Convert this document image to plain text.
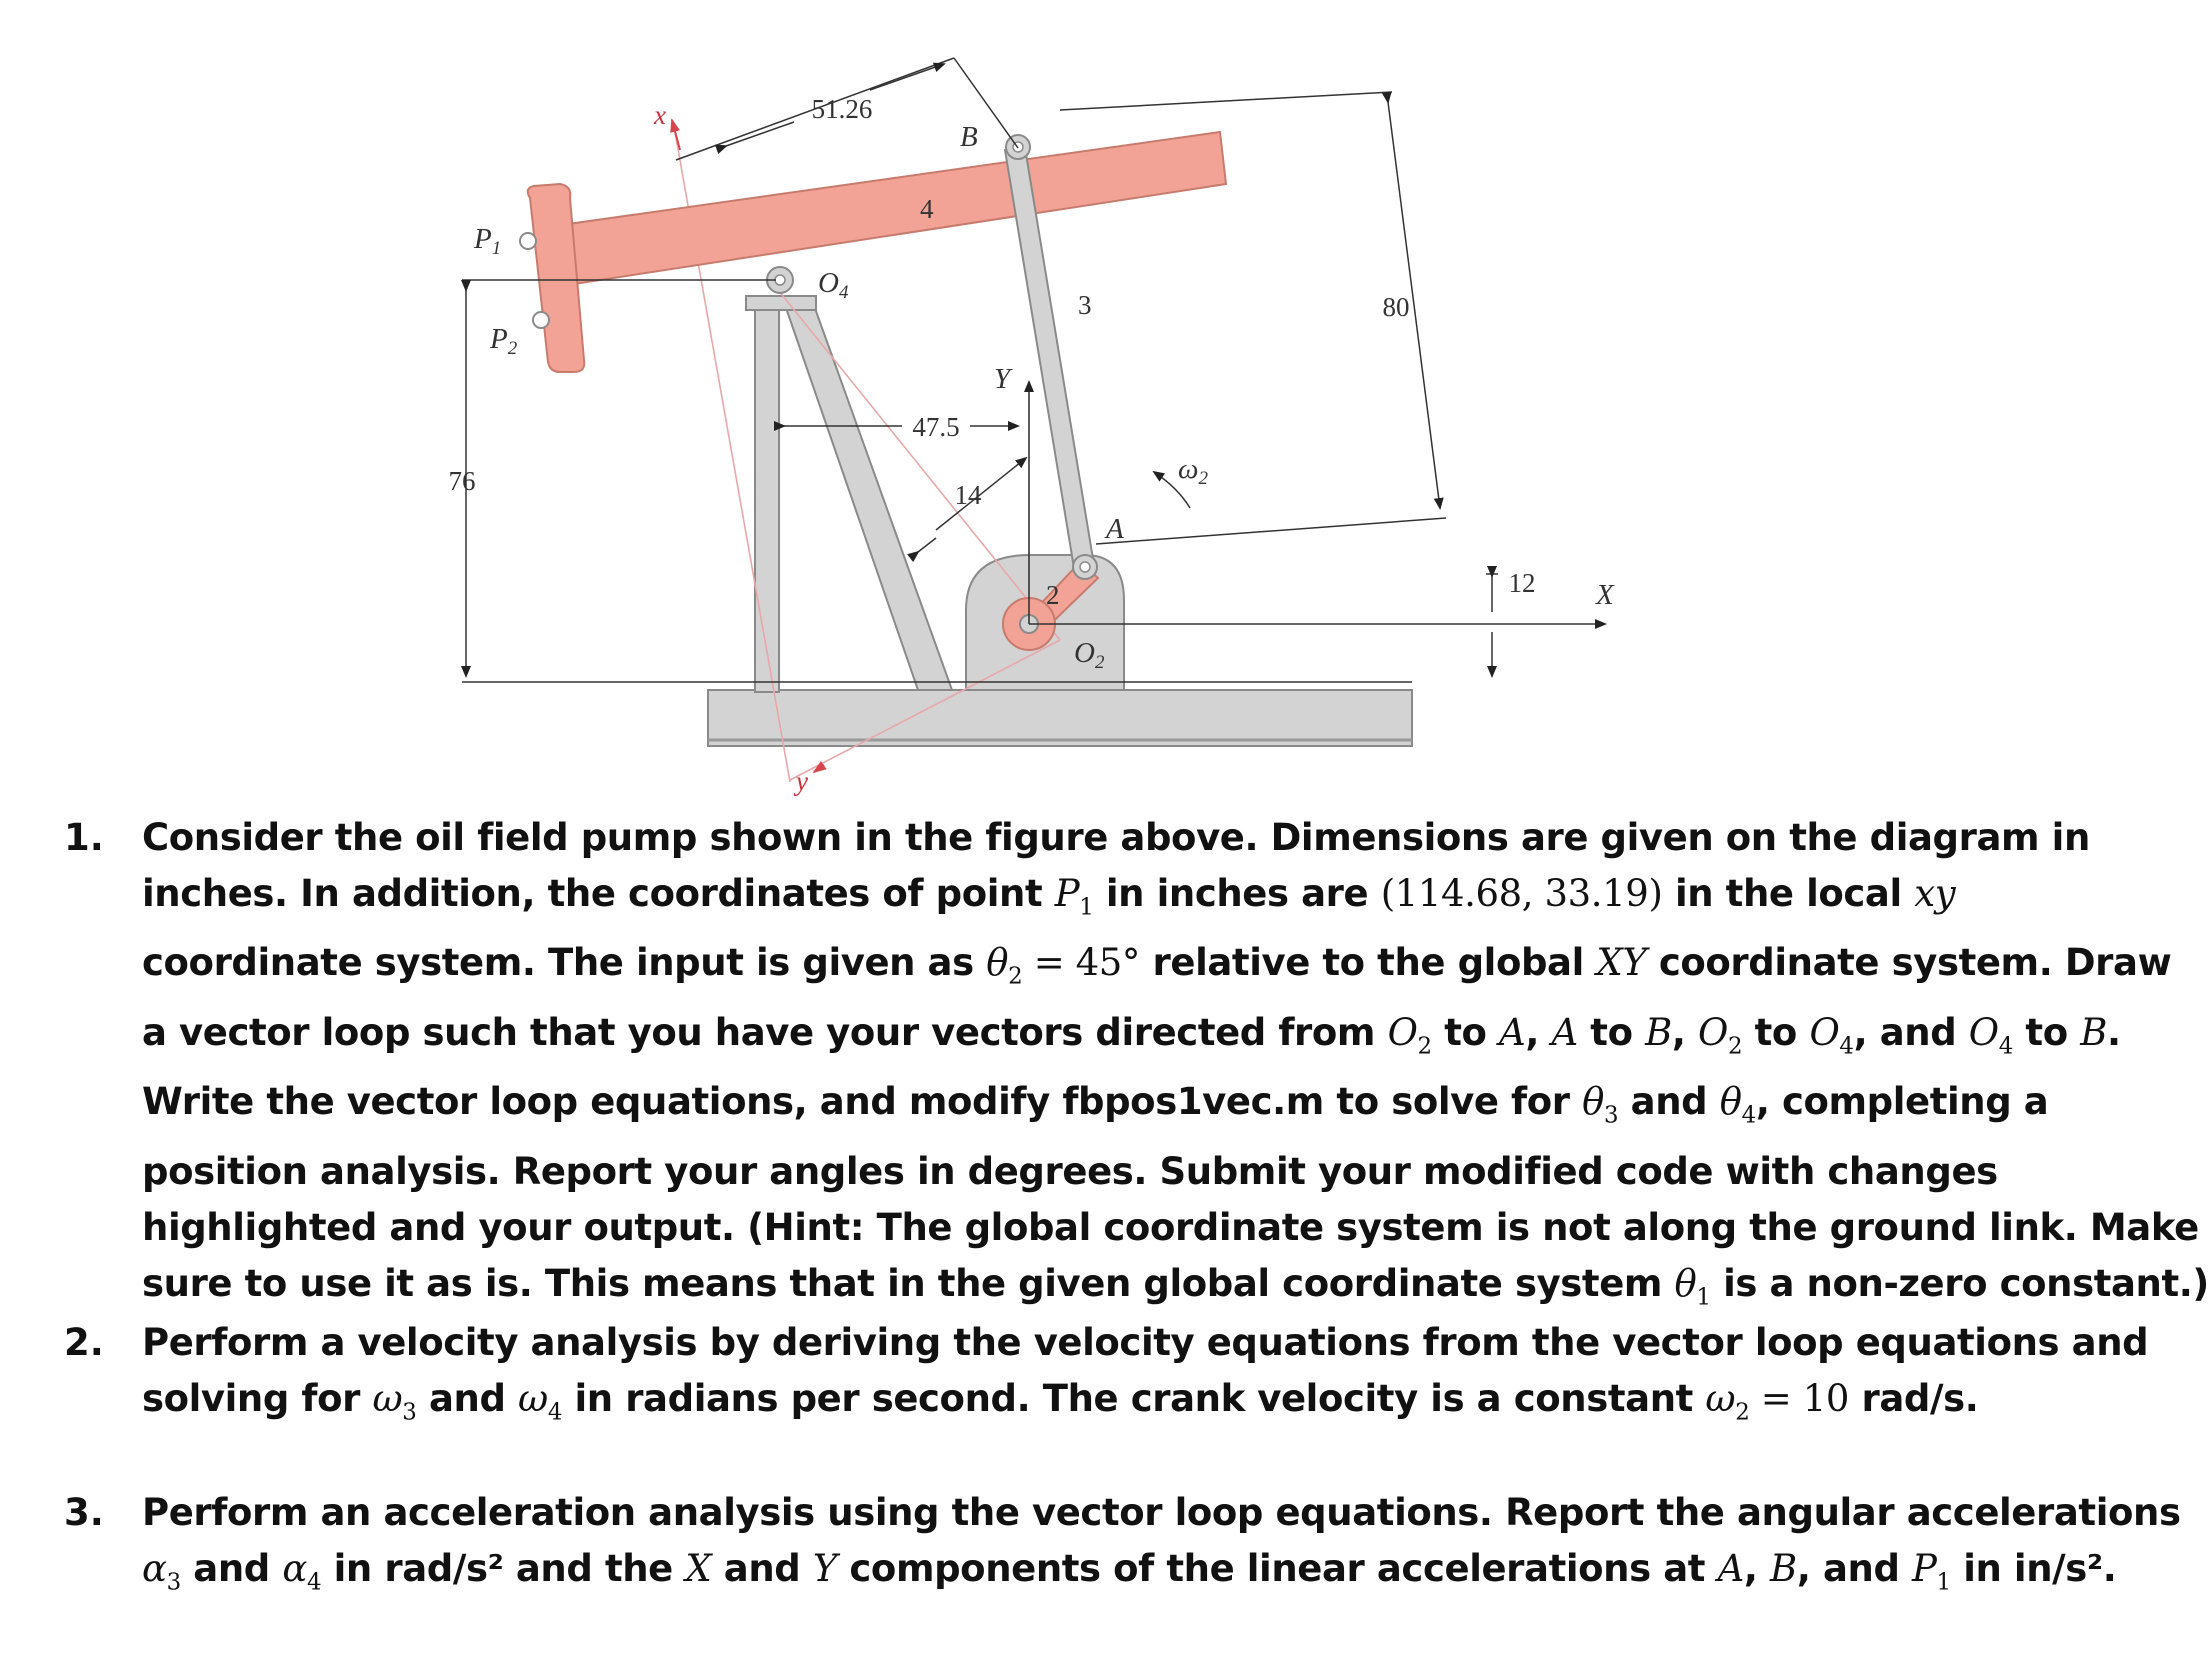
51.26
80
76
47.5
14
12
$P_1$
$P_2$
$O_4$
$O_2$
B
A
4
3
2
Y
X
x
y
$\omega_2$
1. Consider the oil field pump shown in the figure above. Dimensions are given on the diagram in
inches. In addition, the coordinates of point $P_1$ in inches are (114.68, 33.19) in the local xy
coordinate system. The input is given as $\theta_2 = 45^\circ$ relative to the global XY coordinate system. Draw
a vector loop such that you have your vectors directed from $O_2$ to A, A to B, $O_2$ to $O_4$, and $O_4$ to B.
Write the vector loop equations, and modify fbpos1vec.m to solve for $\theta_3$ and $\theta_4$, completing a
position analysis. Report your angles in degrees. Submit your modified code with changes
highlighted and your output. (Hint: The global coordinate system is not along the ground link. Make
sure to use it as is. This means that in the given global coordinate system $\theta_1$ is a non-zero constant.)
2. Perform a velocity analysis by deriving the velocity equations from the vector loop equations and
solving for $\omega_3$ and $\omega_4$ in radians per second. The crank velocity is a constant $\omega_2 = 10$ rad/s.
3. Perform an acceleration analysis using the vector loop equations. Report the angular accelerations
$\alpha_3$ and $\alpha_4$ in rad/s² and the X and Y components of the linear accelerations at A, B, and $P_1$ in in/s².
